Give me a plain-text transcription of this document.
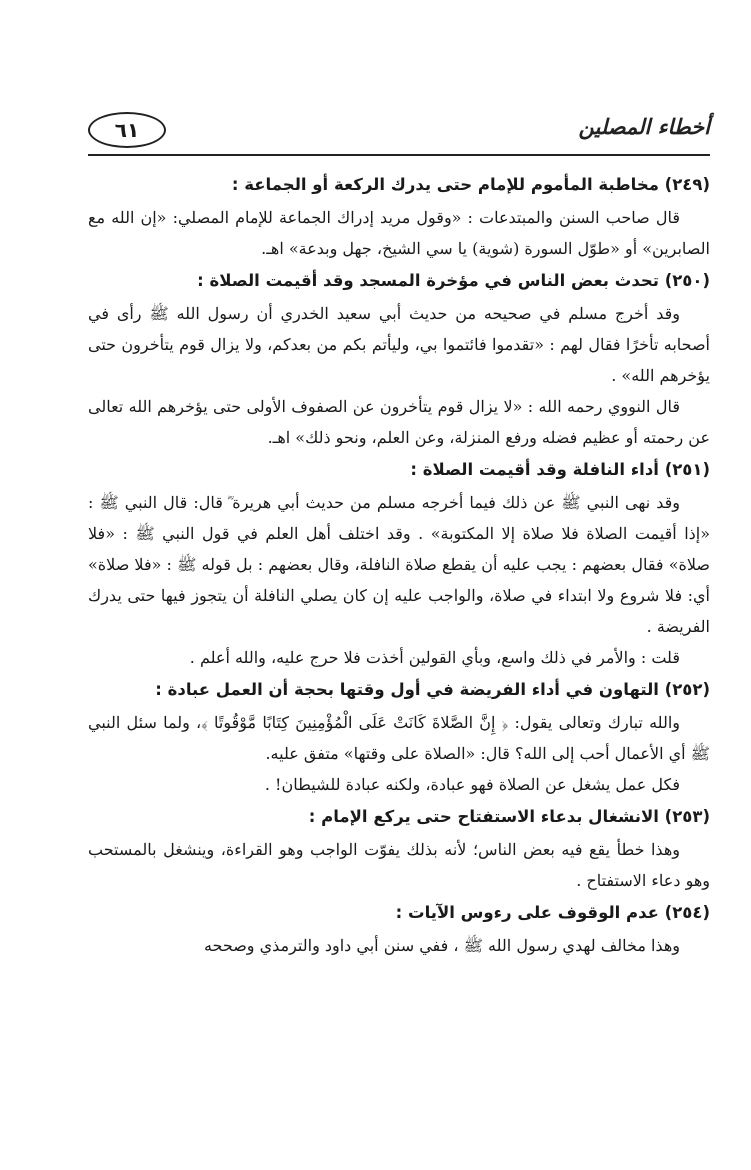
أخطاء المصلين
٦١

(٢٤٩) مخاطبة المأموم للإمام حتى يدرك الركعة أو الجماعة :

قال صاحب السنن والمبتدعات : «وقول مريد إدراك الجماعة للإمام المصلي: «إن الله مع الصابرين» أو «طوّل السورة (شوية) يا سي الشيخ، جهل وبدعة» اهـ.

(٢٥٠) تحدث بعض الناس في مؤخرة المسجد وقد أقيمت الصلاة :

وقد أخرج مسلم في صحيحه من حديث أبي سعيد الخدري أن رسول الله ﷺ رأى في أصحابه تأخرًا فقال لهم : «تقدموا فائتموا بي، وليأتم بكم من بعدكم، ولا يزال قوم يتأخرون حتى يؤخرهم الله» .

قال النووي رحمه الله : «لا يزال قوم يتأخرون عن الصفوف الأولى حتى يؤخرهم الله تعالى عن رحمته أو عظيم فضله ورفع المنزلة، وعن العلم، ونحو ذلك» اهـ.

(٢٥١) أداء النافلة وقد أقيمت الصلاة :

وقد نهى النبي ﷺ عن ذلك فيما أخرجه مسلم من حديث أبي هريرة ؓ قال: قال النبي ﷺ : «إذا أقيمت الصلاة فلا صلاة إلا المكتوبة» . وقد اختلف أهل العلم في قول النبي ﷺ : «فلا صلاة» فقال بعضهم : يجب عليه أن يقطع صلاة النافلة، وقال بعضهم : بل قوله ﷺ : «فلا صلاة» أي: فلا شروع ولا ابتداء في صلاة، والواجب عليه إن كان يصلي النافلة أن يتجوز فيها حتى يدرك الفريضة .

قلت : والأمر في ذلك واسع، وبأي القولين أخذت فلا حرج عليه، والله أعلم .

(٢٥٢) التهاون في أداء الفريضة في أول وقتها بحجة أن العمل عبادة :

والله تبارك وتعالى يقول: ﴿ إِنَّ الصَّلاةَ كَانَتْ عَلَى الْمُؤْمِنِينَ كِتَابًا مَّوْقُوتًا ﴾، ولما سئل النبي ﷺ أي الأعمال أحب إلى الله؟ قال: «الصلاة على وقتها» متفق عليه.

فكل عمل يشغل عن الصلاة فهو عبادة، ولكنه عبادة للشيطان! .

(٢٥٣) الانشغال بدعاء الاستفتاح حتى يركع الإمام :

وهذا خطأ يقع فيه بعض الناس؛ لأنه بذلك يفوّت الواجب وهو القراءة، وينشغل بالمستحب وهو دعاء الاستفتاح .

(٢٥٤) عدم الوقوف على رءوس الآيات :

وهذا مخالف لهدي رسول الله ﷺ ، ففي سنن أبي داود والترمذي وصححه
